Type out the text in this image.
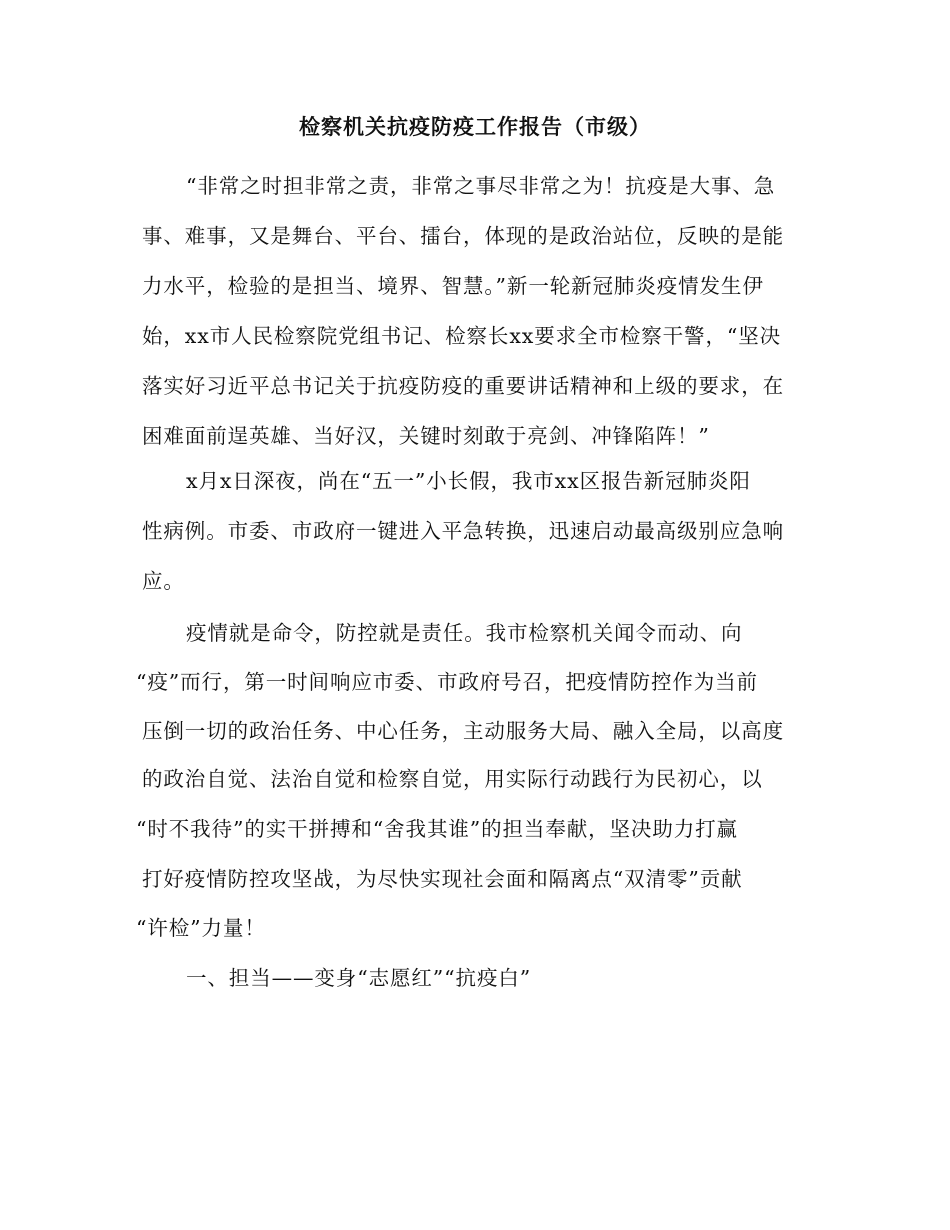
检察机关抗疫防疫工作报告（市级）
“非常之时担非常之责，非常之事尽非常之为！抗疫是大事、急
事、难事，又是舞台、平台、擂台，体现的是政治站位，反映的是能
力水平，检验的是担当、境界、智慧。”新一轮新冠肺炎疫情发生伊
始，xx市人民检察院党组书记、检察长xx要求全市检察干警，“坚决
落实好习近平总书记关于抗疫防疫的重要讲话精神和上级的要求，在
困难面前逞英雄、当好汉，关键时刻敢于亮剑、冲锋陷阵！”
x月x日深夜，尚在“五一”小长假，我市xx区报告新冠肺炎阳
性病例。市委、市政府一键进入平急转换，迅速启动最高级别应急响
应。
疫情就是命令，防控就是责任。我市检察机关闻令而动、向
“疫”而行，第一时间响应市委、市政府号召，把疫情防控作为当前
压倒一切的政治任务、中心任务，主动服务大局、融入全局，以高度
的政治自觉、法治自觉和检察自觉，用实际行动践行为民初心，以
“时不我待”的实干拼搏和“舍我其谁”的担当奉献，坚决助力打赢
打好疫情防控攻坚战，为尽快实现社会面和隔离点“双清零”贡献
“许检”力量！
一、担当——变身“志愿红”“抗疫白”
